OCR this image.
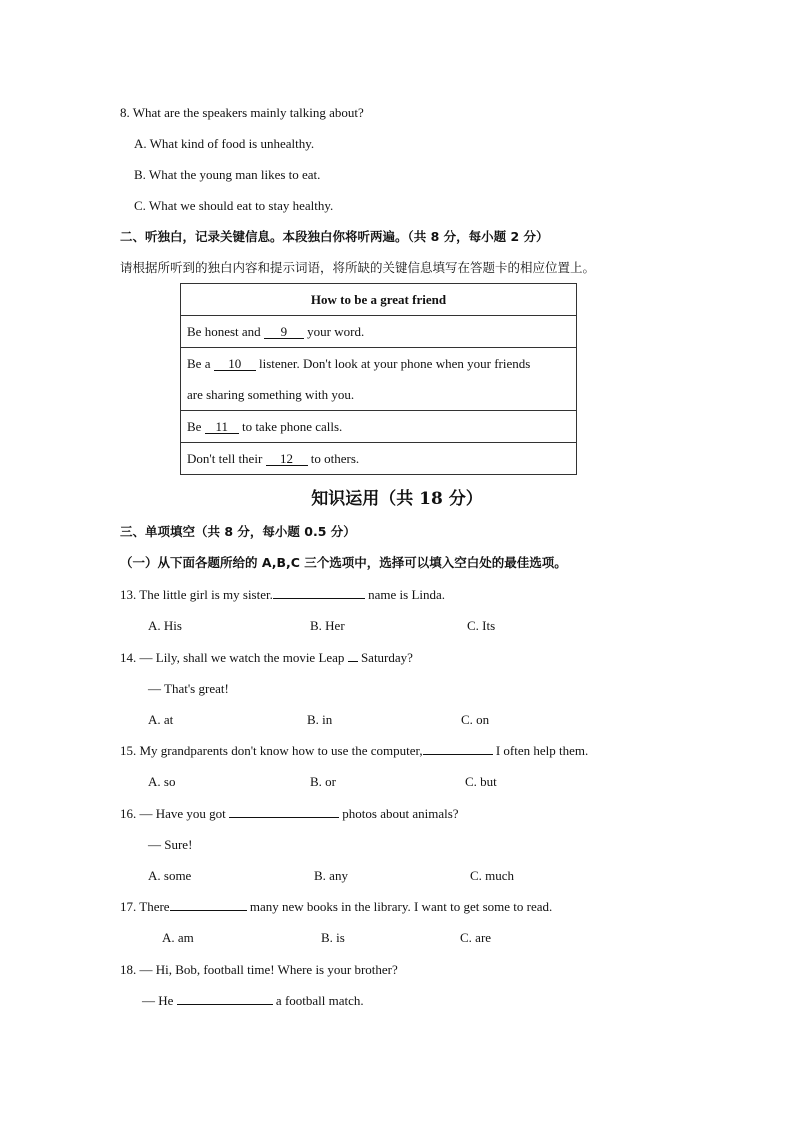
8. What are the speakers mainly talking about?
A. What kind of food is unhealthy.
B. What the young man likes to eat.
C. What we should eat to stay healthy.
二、听独白，记录关键信息。本段独白你将听两遍。（共 8 分，每小题 2 分）
请根据所听到的独白内容和提示词语，将所缺的关键信息填写在答题卡的相应位置上。
How to be a great friend
Be honest and 9 your word.
Be a 10 listener. Don't look at your phone when your friends
are sharing something with you.
Be 11 to take phone calls.
Don't tell their 12 to others.
知识运用（共 18 分）
三、单项填空（共 8 分，每小题 0.5 分）
（一）从下面各题所给的 A,B,C 三个选项中，选择可以填入空白处的最佳选项。
13. The little girl is my sister.	name is Linda.
A. His	B. Her	C. Its
14. — Lily, shall we watch the movie Leap Saturday?
— That's great!
A. at	B. in	C. on
15. My grandparents don't know how to use the computer,	I often help them.
A. so	B. or	C. but
16. — Have you got	photos about animals?
— Sure!
A. some	B. any	C. much
17. There	many new books in the library. I want to get some to read.
A. am	B. is	C. are
18. — Hi, Bob, football time! Where is your brother?
— He	a football match.
